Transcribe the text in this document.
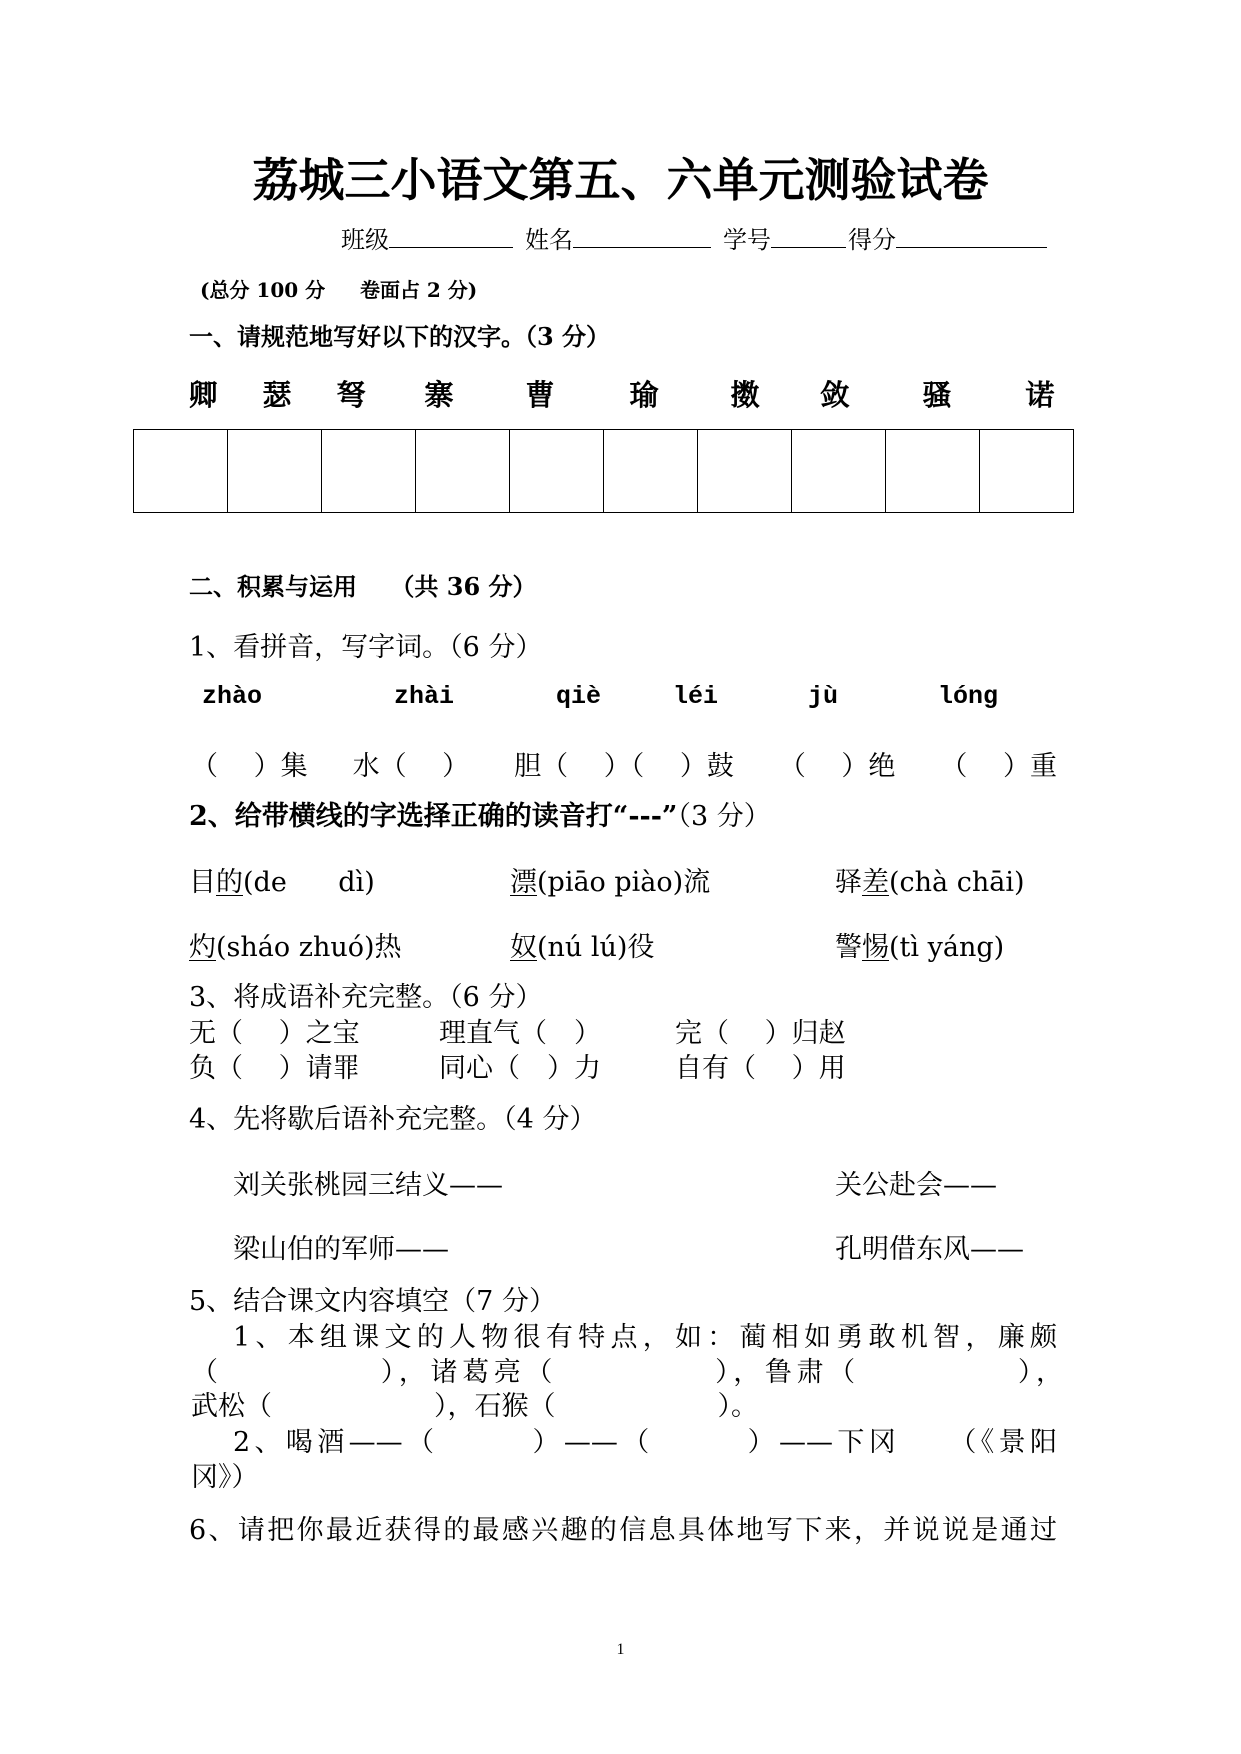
荔城三小语文第五、六单元测验试卷
班级	姓名	学号	得分
(总分 100 分     卷面占 2 分)
一、请规范地写好以下的汉字。（3 分）
卿 瑟 弩 寨 曹	瑜 擞 敛	骚	诺
二、积累与运用    （共 36 分）
1、看拼音，写字词。（6 分）
zhào	zhài	qiè	léi	jù	lóng
（　 ）集 水（　 ） 胆（　 ）（　 ）鼓 （　 ）绝 （　 ）重
2、给带横线的字选择正确的读音打“---”（3 分）
目的(de      dì)	漂(piāo piào)流	驿差(chà chāi)
灼(sháo zhuó)热	奴(nú lú)役	警惕(tì yáng)
3、将成语补充完整。（6 分）
无（　 ）之宝	理直气（　）	完（　 ）归赵
负（　 ）请罪	同心（　）力	自有（　 ）用
4、先将歇后语补充完整。（4 分）
刘关张桃园三结义——	关公赴会——
梁山伯的军师——	孔明借东风——
5、结合课文内容填空（7 分）
1、本组课文的人物很有特点，如：蔺相如勇敢机智，廉颇
（　　　　　），诸葛亮（　　　　　），鲁肃（　　　　　），
武松（　　　　　　），石猴（　　　　　　）。
2、喝酒——（　　　）——（　　　）——下冈　　（《景阳
冈》）
6、请把你最近获得的最感兴趣的信息具体地写下来，并说说是通过
1
